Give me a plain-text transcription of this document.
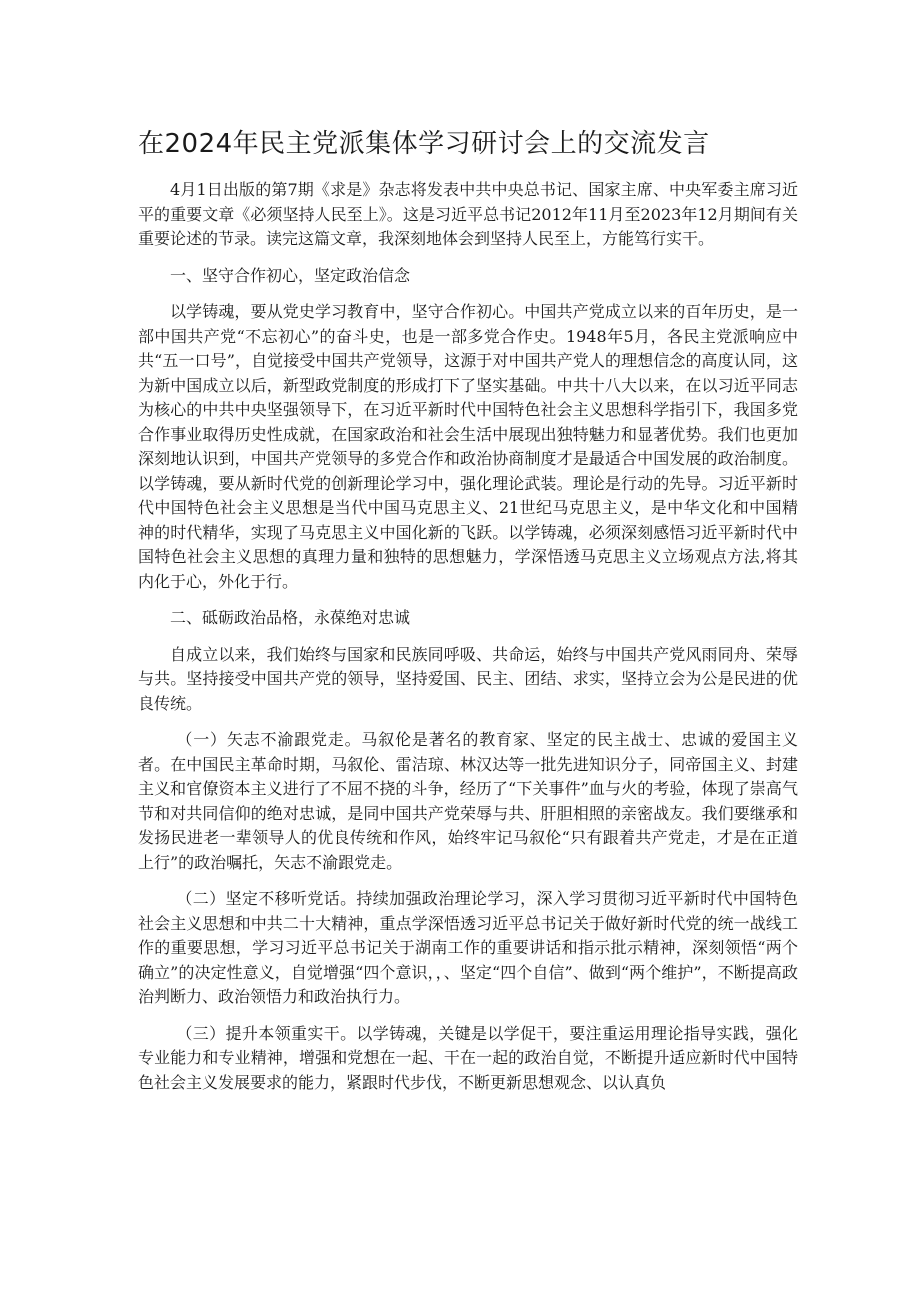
在2024年民主党派集体学习研讨会上的交流发言

4月1日出版的第7期《求是》杂志将发表中共中央总书记、国家主席、中央军委主席习近平的重要文章《必须坚持人民至上》。这是习近平总书记2012年11月至2023年12月期间有关重要论述的节录。读完这篇文章，我深刻地体会到坚持人民至上，方能笃行实干。

一、坚守合作初心，坚定政治信念

以学铸魂，要从党史学习教育中，坚守合作初心。中国共产党成立以来的百年历史，是一部中国共产党“不忘初心”的奋斗史，也是一部多党合作史。1948年5月，各民主党派响应中共“五一口号”，自觉接受中国共产党领导，这源于对中国共产党人的理想信念的高度认同，这为新中国成立以后，新型政党制度的形成打下了坚实基础。中共十八大以来，在以习近平同志为核心的中共中央坚强领导下，在习近平新时代中国特色社会主义思想科学指引下，我国多党合作事业取得历史性成就，在国家政治和社会生活中展现出独特魅力和显著优势。我们也更加深刻地认识到，中国共产党领导的多党合作和政治协商制度才是最适合中国发展的政治制度。以学铸魂，要从新时代党的创新理论学习中，强化理论武装。理论是行动的先导。习近平新时代中国特色社会主义思想是当代中国马克思主义、21世纪马克思主义，是中华文化和中国精神的时代精华，实现了马克思主义中国化新的飞跃。以学铸魂，必须深刻感悟习近平新时代中国特色社会主义思想的真理力量和独特的思想魅力，学深悟透马克思主义立场观点方法,将其内化于心，外化于行。

二、砥砺政治品格，永葆绝对忠诚

自成立以来，我们始终与国家和民族同呼吸、共命运，始终与中国共产党风雨同舟、荣辱与共。坚持接受中国共产党的领导，坚持爱国、民主、团结、求实，坚持立会为公是民进的优良传统。

（一）矢志不渝跟党走。马叙伦是著名的教育家、坚定的民主战士、忠诚的爱国主义者。在中国民主革命时期，马叙伦、雷洁琼、林汉达等一批先进知识分子，同帝国主义、封建主义和官僚资本主义进行了不屈不挠的斗争，经历了“下关事件”血与火的考验，体现了崇高气节和对共同信仰的绝对忠诚，是同中国共产党荣辱与共、肝胆相照的亲密战友。我们要继承和发扬民进老一辈领导人的优良传统和作风，始终牢记马叙伦“只有跟着共产党走，才是在正道上行”的政治嘱托，矢志不渝跟党走。

（二）坚定不移听党话。持续加强政治理论学习，深入学习贯彻习近平新时代中国特色社会主义思想和中共二十大精神，重点学深悟透习近平总书记关于做好新时代党的统一战线工作的重要思想，学习习近平总书记关于湖南工作的重要讲话和指示批示精神，深刻领悟“两个确立”的决定性意义，自觉增强“四个意识，，、坚定“四个自信”、做到“两个维护”，不断提高政治判断力、政治领悟力和政治执行力。

（三）提升本领重实干。以学铸魂，关键是以学促干，要注重运用理论指导实践，强化专业能力和专业精神，增强和党想在一起、干在一起的政治自觉，不断提升适应新时代中国特色社会主义发展要求的能力，紧跟时代步伐，不断更新思想观念、以认真负
